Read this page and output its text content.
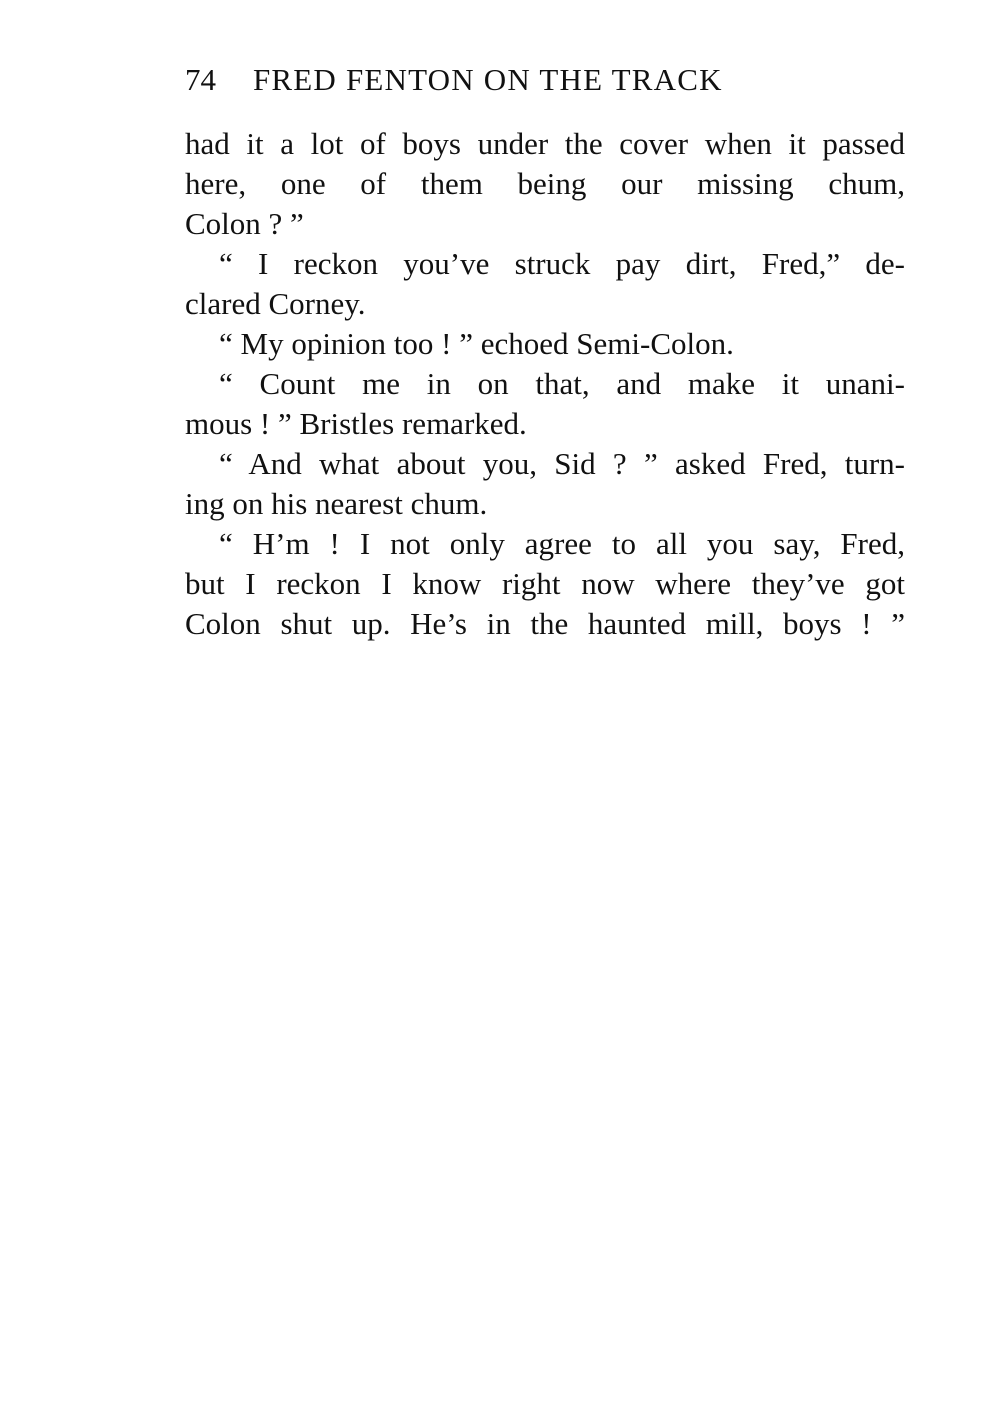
74 FRED FENTON ON THE TRACK

had it a lot of boys under the cover when it passed
here, one of them being our missing chum,
Colon ? ”

“ I reckon you’ve struck pay dirt, Fred,” de-
clared Corney.

“ My opinion too ! ” echoed Semi-Colon.

“ Count me in on that, and make it unani-
mous ! ” Bristles remarked.

“ And what about you, Sid ? ” asked Fred, turn-
ing on his nearest chum.

“ H’m ! I not only agree to all you say, Fred,
but I reckon I know right now where they’ve got
Colon shut up. He’s in the haunted mill, boys ! ”
